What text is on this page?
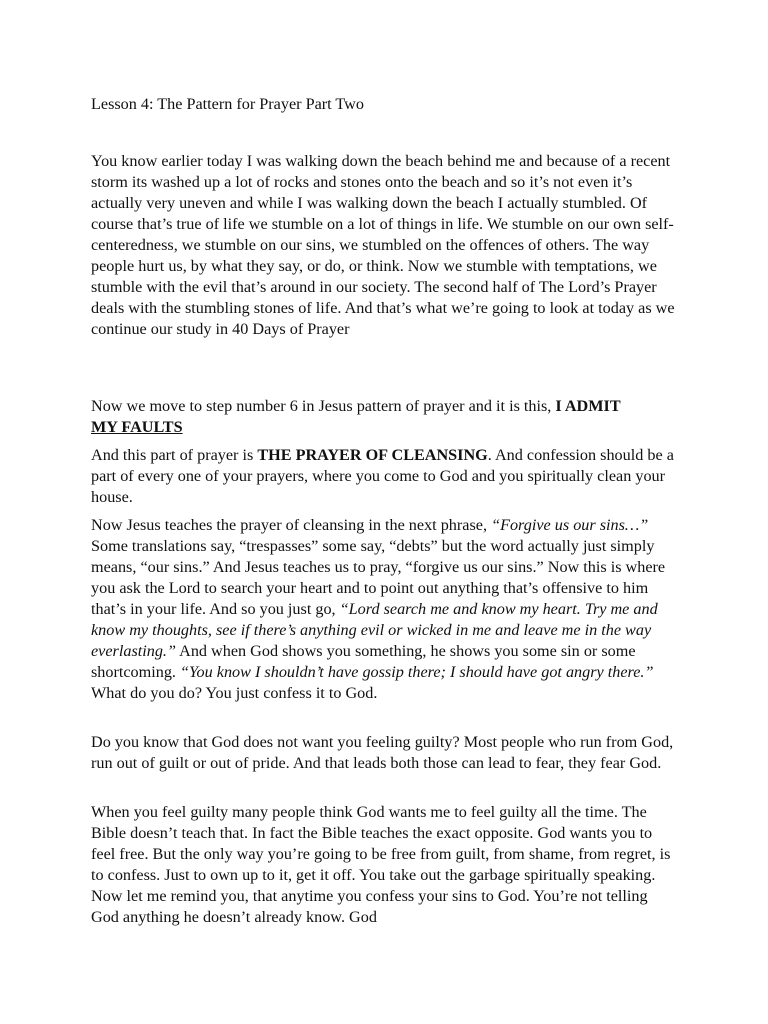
Lesson 4: The Pattern for Prayer Part Two

You know earlier today I was walking down the beach behind me and because of a recent storm its washed up a lot of rocks and stones onto the beach and so it’s not even it’s actually very uneven and while I was walking down the beach I actually stumbled. Of course that’s true of life we stumble on a lot of things in life. We stumble on our own self-centeredness, we stumble on our sins, we stumbled on the offences of others. The way people hurt us, by what they say, or do, or think. Now we stumble with temptations, we stumble with the evil that’s around in our society. The second half of The Lord’s Prayer deals with the stumbling stones of life. And that’s what we’re going to look at today as we continue our study in 40 Days of Prayer

Now we move to step number 6 in Jesus pattern of prayer and it is this, I ADMIT
MY FAULTS

And this part of prayer is THE PRAYER OF CLEANSING. And confession should be a part of every one of your prayers, where you come to God and you spiritually clean your house.

Now Jesus teaches the prayer of cleansing in the next phrase, “Forgive us our sins…” Some translations say, “trespasses” some say, “debts” but the word actually just simply means, “our sins.” And Jesus teaches us to pray, “forgive us our sins.” Now this is where you ask the Lord to search your heart and to point out anything that’s offensive to him that’s in your life. And so you just go, “Lord search me and know my heart. Try me and know my thoughts, see if there’s anything evil or wicked in me and leave me in the way everlasting.” And when God shows you something, he shows you some sin or some shortcoming. “You know I shouldn’t have gossip there; I should have got angry there.” What do you do? You just confess it to God.

Do you know that God does not want you feeling guilty? Most people who run from God, run out of guilt or out of pride. And that leads both those can lead to fear, they fear God.

When you feel guilty many people think God wants me to feel guilty all the time. The Bible doesn’t teach that. In fact the Bible teaches the exact opposite. God wants you to feel free. But the only way you’re going to be free from guilt, from shame, from regret, is to confess. Just to own up to it, get it off. You take out the garbage spiritually speaking. Now let me remind you, that anytime you confess your sins to God. You’re not telling God anything he doesn’t already know. God
